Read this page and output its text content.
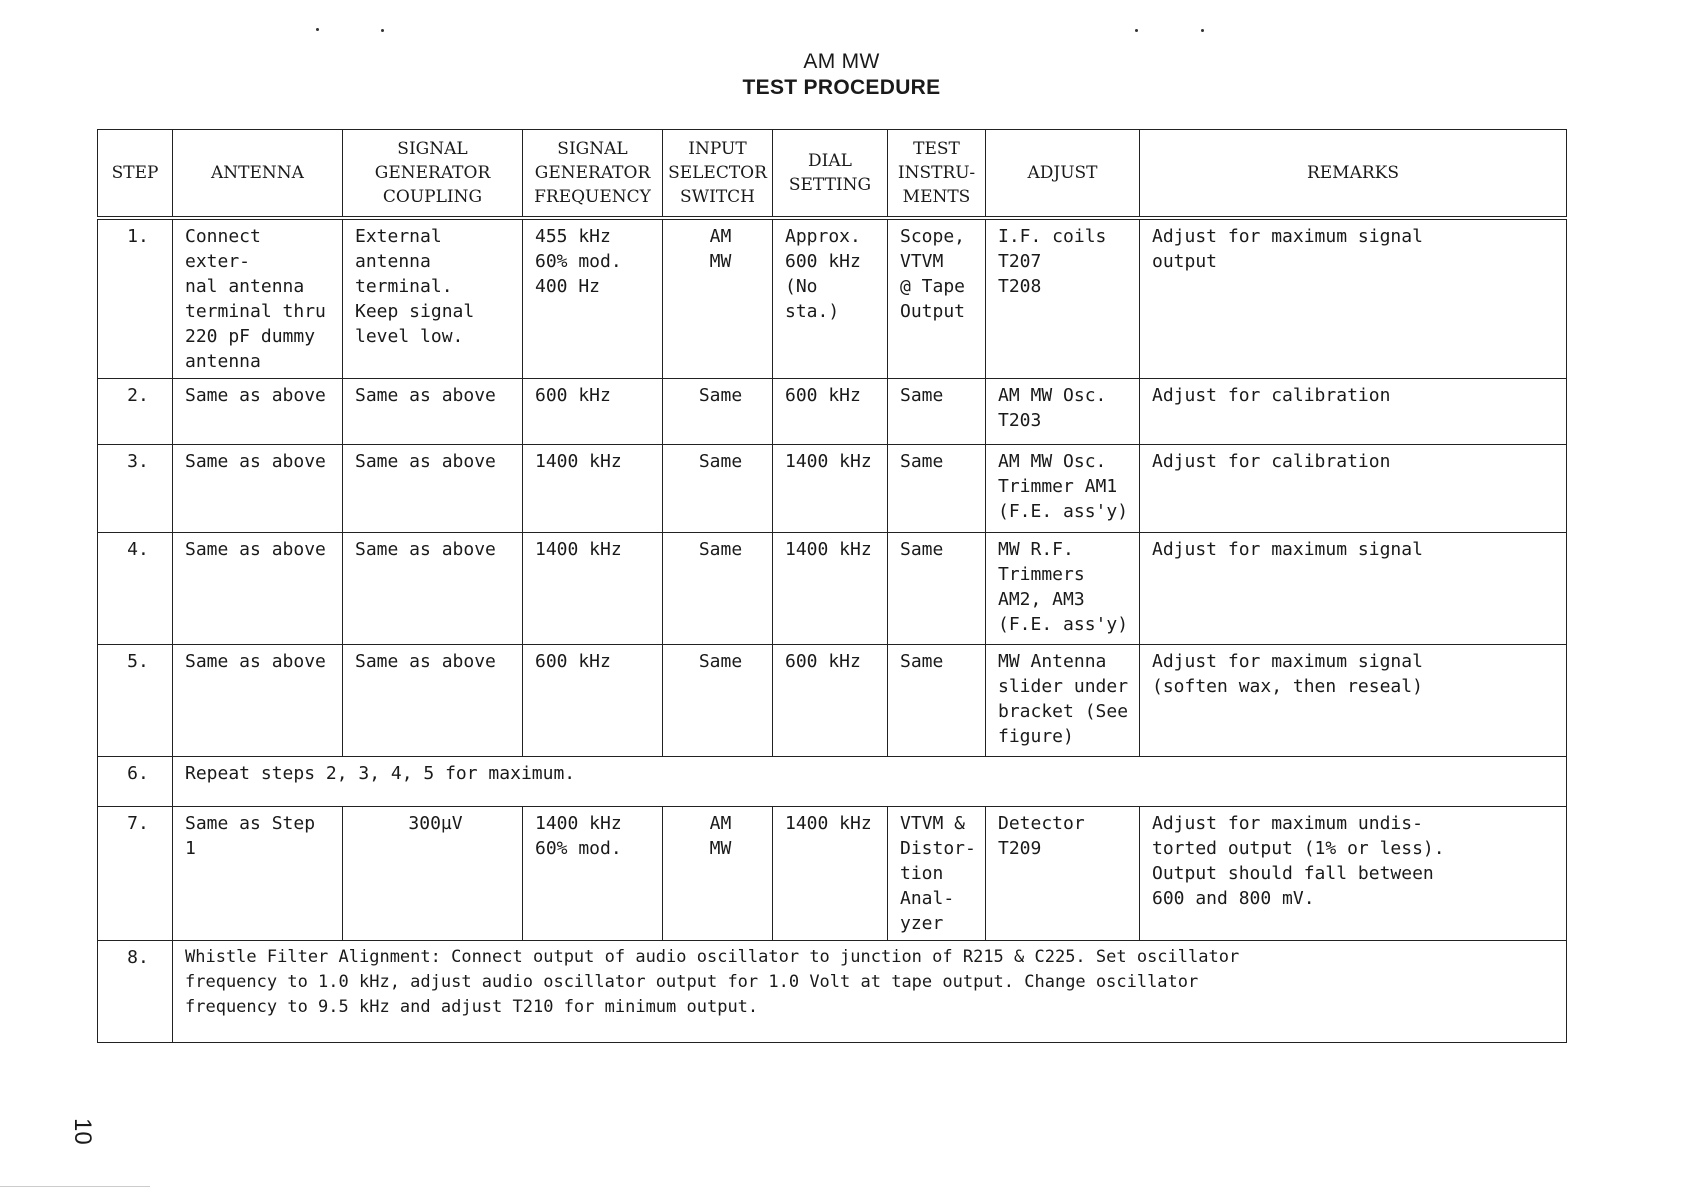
AM MW
TEST PROCEDURE
STEP	ANTENNA	SIGNAL
GENERATOR
COUPLING	SIGNAL
GENERATOR
FREQUENCY	INPUT
SELECTOR
SWITCH	DIAL
SETTING	TEST
INSTRU-
MENTS	ADJUST	REMARKS
1.	Connect exter-
nal antenna
terminal thru
220 pF dummy
antenna	External
antenna
terminal.
Keep signal
level low.	455 kHz
60% mod.
400 Hz	AM
MW	Approx.
600 kHz
(No sta.)	Scope,
VTVM
@ Tape
Output	I.F. coils
T207
T208	Adjust for maximum signal
output
2.	Same as above	Same as above	600 kHz	Same	600 kHz	Same	AM MW Osc.
T203	Adjust for calibration
3.	Same as above	Same as above	1400 kHz	Same	1400 kHz	Same	AM MW Osc.
Trimmer AM1
(F.E. ass'y)	Adjust for calibration
4.	Same as above	Same as above	1400 kHz	Same	1400 kHz	Same	MW R.F.
Trimmers
AM2, AM3
(F.E. ass'y)	Adjust for maximum signal
5.	Same as above	Same as above	600 kHz	Same	600 kHz	Same	MW Antenna
slider under
bracket (See
figure)	Adjust for maximum signal
(soften wax, then reseal)
6.	Repeat steps 2, 3, 4, 5 for maximum.							
7.	Same as Step 1	300µV	1400 kHz
60% mod.	AM
MW	1400 kHz	VTVM &
Distor-
tion
Anal-
yzer	Detector
T209	Adjust for maximum undis-
torted output (1% or less).
Output should fall between
600 and 800 mV.
8.	Whistle Filter Alignment: Connect output of audio oscillator to junction of R215 & C225. Set oscillator
frequency to 1.0 kHz, adjust audio oscillator output for 1.0 Volt at tape output. Change oscillator
frequency to 9.5 kHz and adjust T210 for minimum output.							
10
